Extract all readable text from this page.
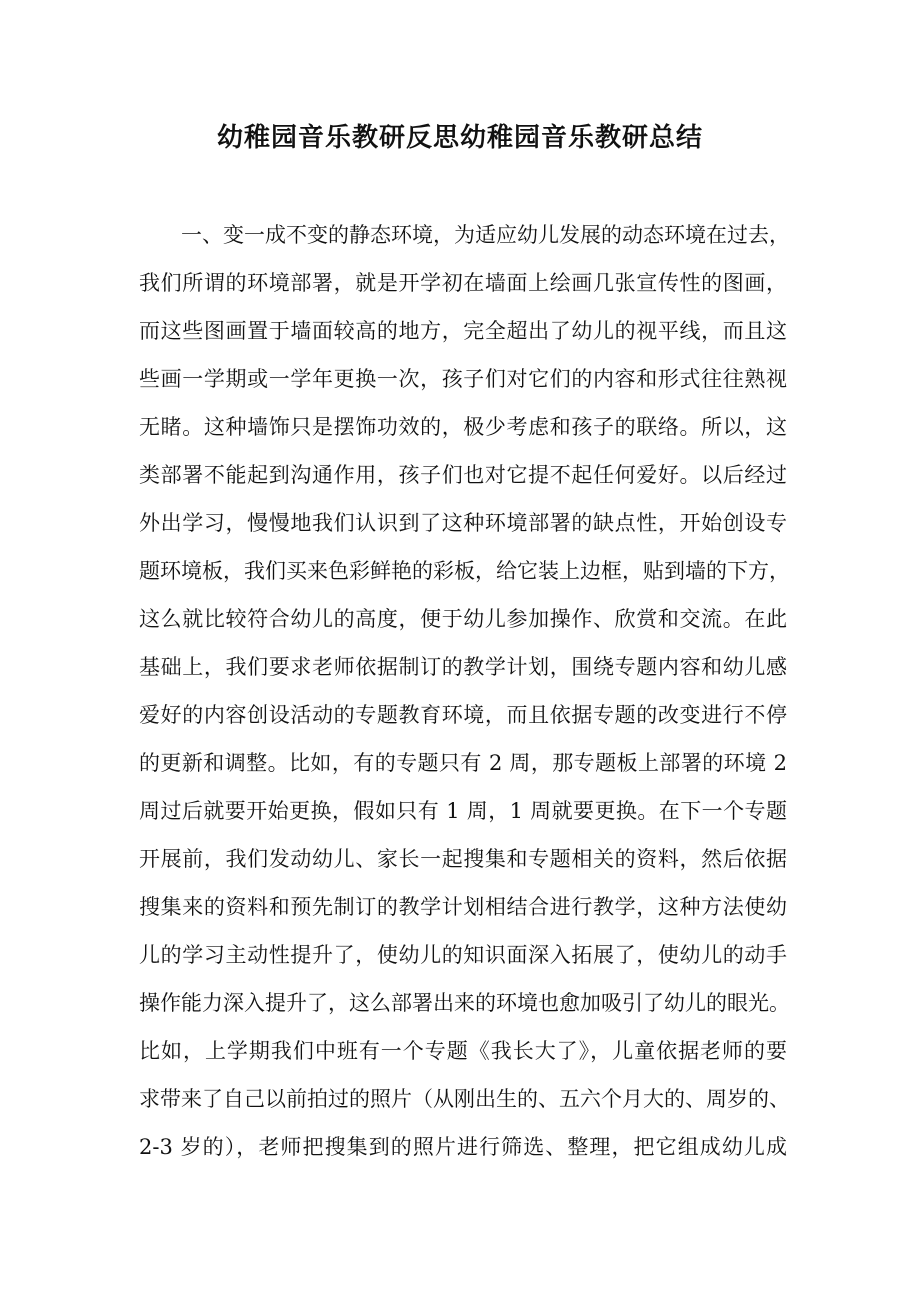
幼稚园音乐教研反思幼稚园音乐教研总结
一、变一成不变的静态环境，为适应幼儿发展的动态环境在过去，
我们所谓的环境部署，就是开学初在墙面上绘画几张宣传性的图画，
而这些图画置于墙面较高的地方，完全超出了幼儿的视平线，而且这
些画一学期或一学年更换一次，孩子们对它们的内容和形式往往熟视
无睹。这种墙饰只是摆饰功效的，极少考虑和孩子的联络。所以，这
类部署不能起到沟通作用，孩子们也对它提不起任何爱好。以后经过
外出学习，慢慢地我们认识到了这种环境部署的缺点性，开始创设专
题环境板，我们买来色彩鲜艳的彩板，给它装上边框，贴到墙的下方，
这么就比较符合幼儿的高度，便于幼儿参加操作、欣赏和交流。在此
基础上，我们要求老师依据制订的教学计划，围绕专题内容和幼儿感
爱好的内容创设活动的专题教育环境，而且依据专题的改变进行不停
的更新和调整。比如，有的专题只有 2 周，那专题板上部署的环境 2
周过后就要开始更换，假如只有 1 周，1 周就要更换。在下一个专题
开展前，我们发动幼儿、家长一起搜集和专题相关的资料，然后依据
搜集来的资料和预先制订的教学计划相结合进行教学，这种方法使幼
儿的学习主动性提升了，使幼儿的知识面深入拓展了，使幼儿的动手
操作能力深入提升了，这么部署出来的环境也愈加吸引了幼儿的眼光。
比如，上学期我们中班有一个专题《我长大了》，儿童依据老师的要
求带来了自己以前拍过的照片（从刚出生的、五六个月大的、周岁的、
2-3 岁的），老师把搜集到的照片进行筛选、整理，把它组成幼儿成
